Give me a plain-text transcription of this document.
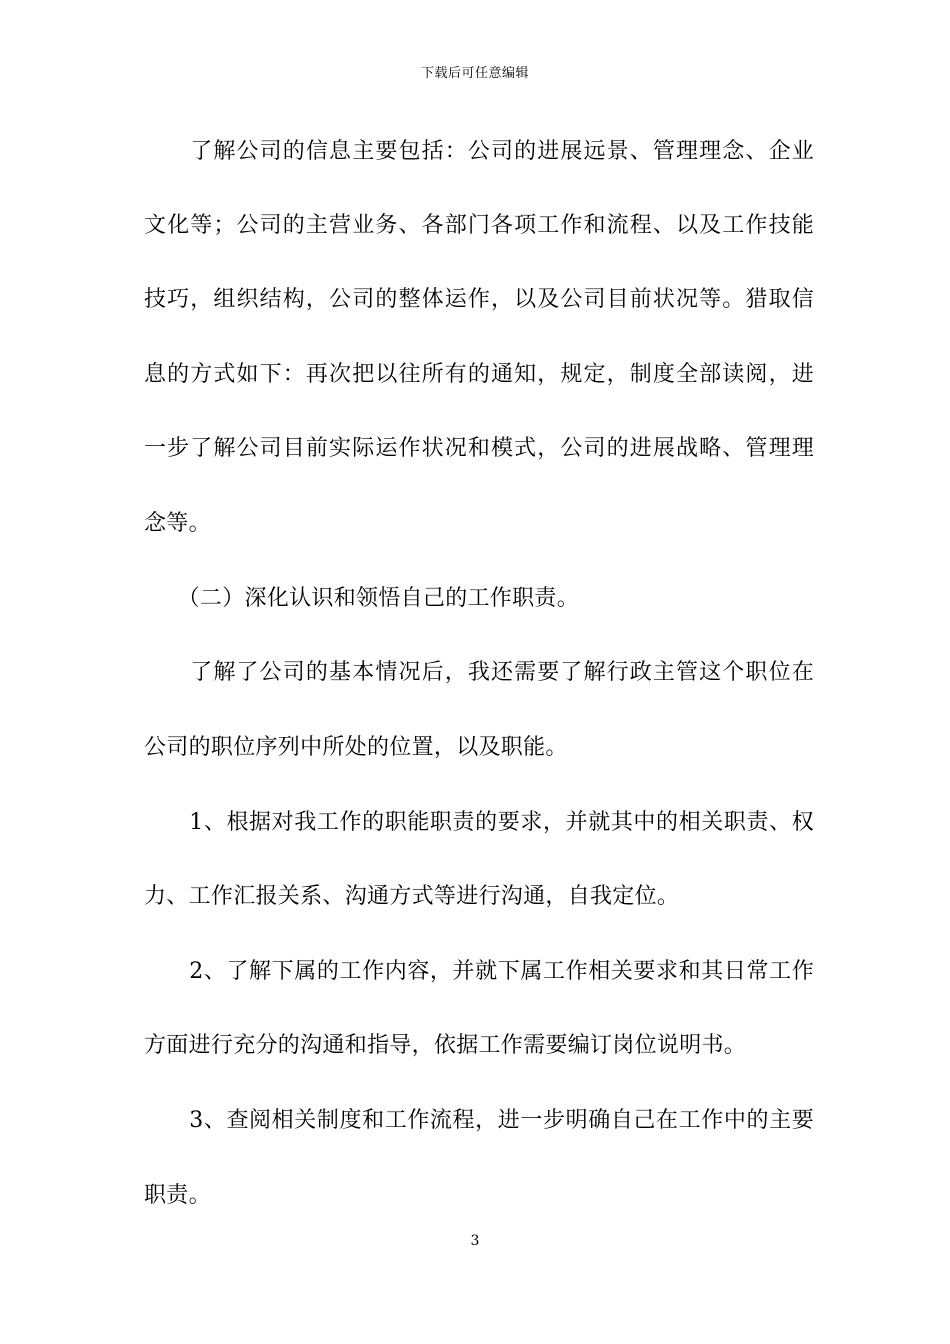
下载后可任意编辑
　　了解公司的信息主要包括：公司的进展远景、管理理念、企业
文化等；公司的主营业务、各部门各项工作和流程、以及工作技能
技巧，组织结构，公司的整体运作，以及公司目前状况等。猎取信
息的方式如下：再次把以往所有的通知，规定，制度全部读阅，进
一步了解公司目前实际运作状况和模式，公司的进展战略、管理理
念等。
　　（二）深化认识和领悟自己的工作职责。
　　了解了公司的基本情况后，我还需要了解行政主管这个职位在
公司的职位序列中所处的位置，以及职能。
　　1、根据对我工作的职能职责的要求，并就其中的相关职责、权
力、工作汇报关系、沟通方式等进行沟通，自我定位。
　　2、了解下属的工作内容，并就下属工作相关要求和其日常工作
方面进行充分的沟通和指导，依据工作需要编订岗位说明书。
　　3、查阅相关制度和工作流程，进一步明确自己在工作中的主要
职责。
3
